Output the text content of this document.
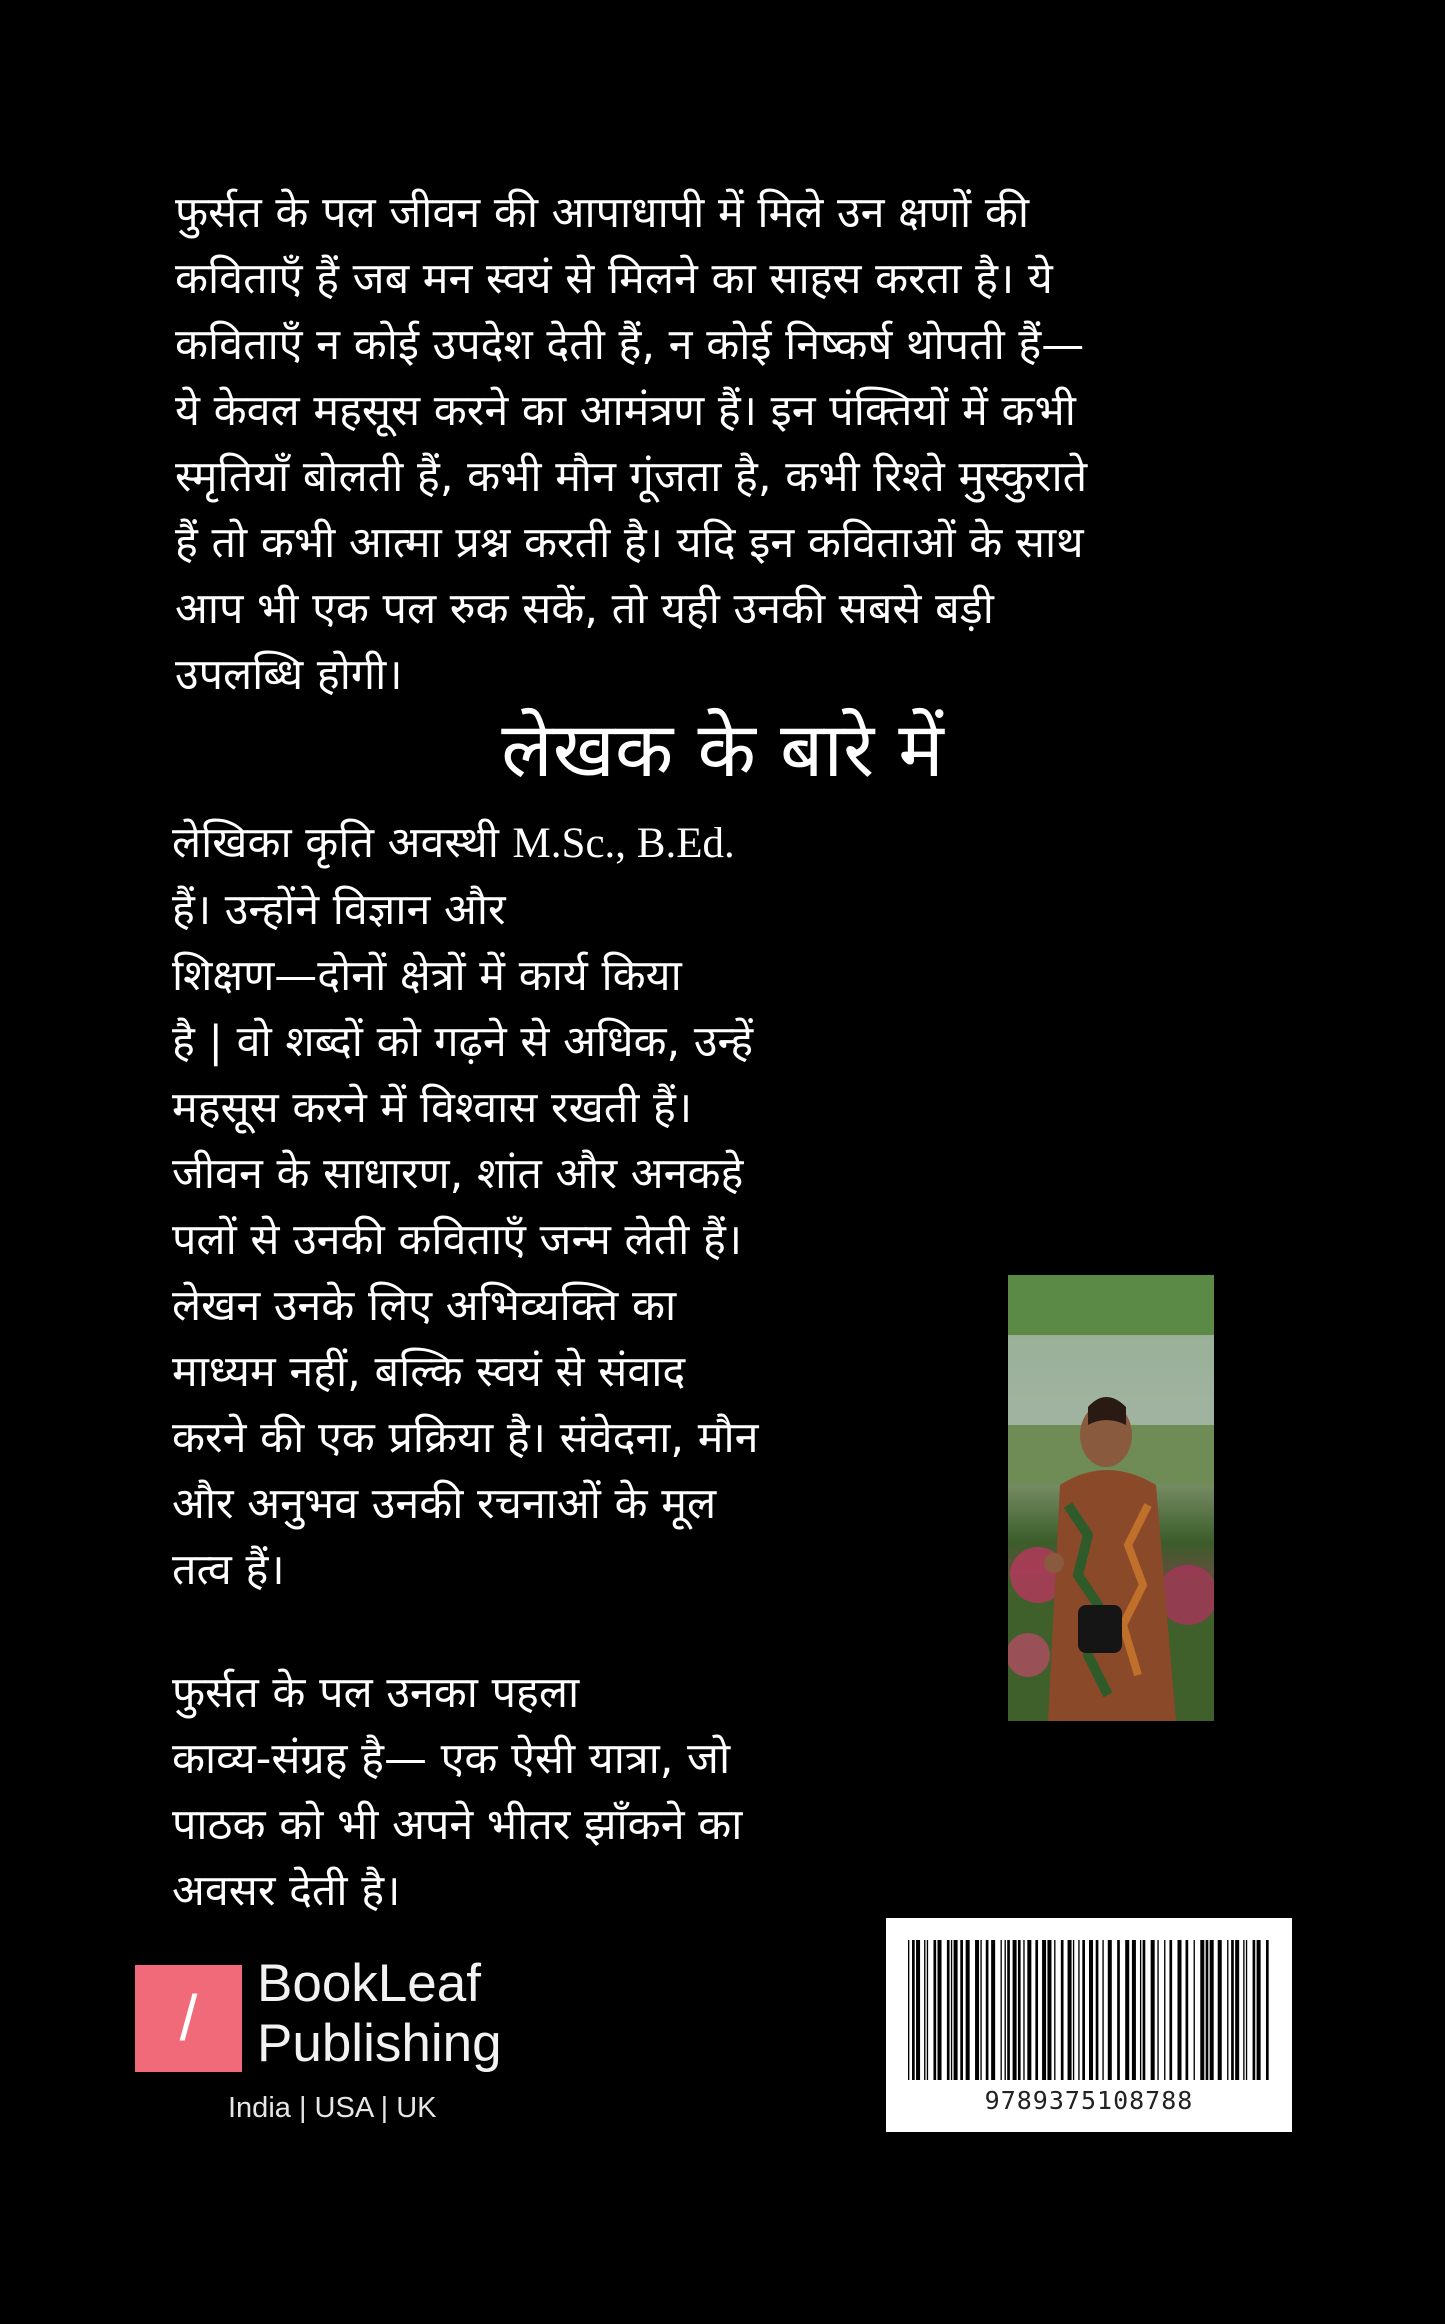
फुर्सत के पल जीवन की आपाधापी में मिले उन क्षणों की
कविताएँ हैं जब मन स्वयं से मिलने का साहस करता है। ये
कविताएँ न कोई उपदेश देती हैं, न कोई निष्कर्ष थोपती हैं—
ये केवल महसूस करने का आमंत्रण हैं। इन पंक्तियों में कभी
स्मृतियाँ बोलती हैं, कभी मौन गूंजता है, कभी रिश्ते मुस्कुराते
हैं तो कभी आत्मा प्रश्न करती है। यदि इन कविताओं के साथ
आप भी एक पल रुक सकें, तो यही उनकी सबसे बड़ी
उपलब्धि होगी।
लेखक के बारे में
लेखिका कृति अवस्थी M.Sc., B.Ed.
हैं। उन्होंने विज्ञान और
शिक्षण—दोनों क्षेत्रों में कार्य किया
है | वो शब्दों को गढ़ने से अधिक, उन्हें
महसूस करने में विश्वास रखती हैं।
जीवन के साधारण, शांत और अनकहे
पलों से उनकी कविताएँ जन्म लेती हैं।
लेखन उनके लिए अभिव्यक्ति का
माध्यम नहीं, बल्कि स्वयं से संवाद
करने की एक प्रक्रिया है। संवेदना, मौन
और अनुभव उनकी रचनाओं के मूल
तत्व हैं।
फुर्सत के पल उनका पहला
काव्य-संग्रह है— एक ऐसी यात्रा, जो
पाठक को भी अपने भीतर झाँकने का
अवसर देती है।
9789375108788
/	BookLeaf
Publishing
India | USA | UK
